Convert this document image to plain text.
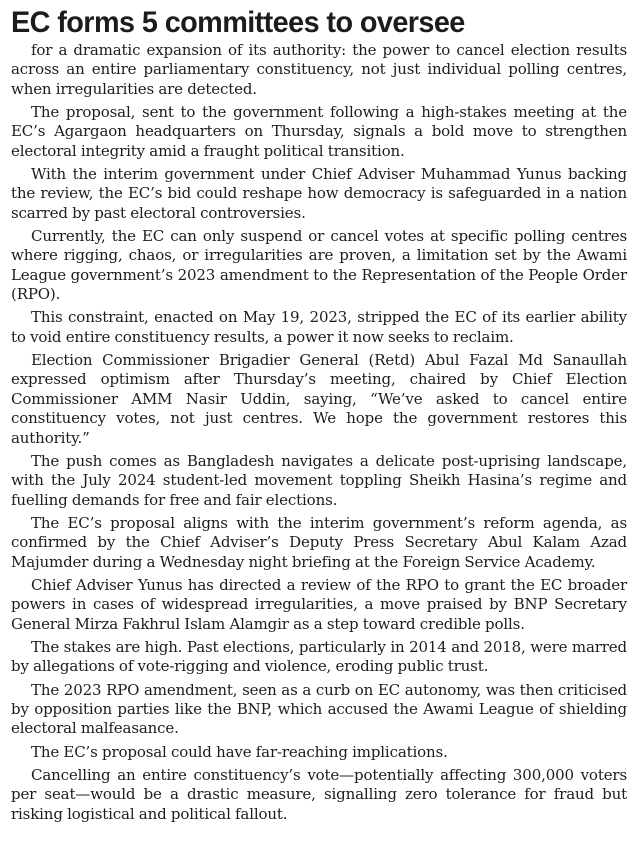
EC forms 5 committees to oversee

for a dramatic expansion of its authority: the power to cancel election results across an entire parliamentary constituency, not just individual polling centres, when irregularities are detected.

The proposal, sent to the government following a high-stakes meeting at the EC’s Agargaon headquarters on Thursday, signals a bold move to strengthen electoral integrity amid a fraught political transition.

With the interim government under Chief Adviser Muhammad Yunus backing the review, the EC’s bid could reshape how democracy is safeguarded in a nation scarred by past electoral controversies.

Currently, the EC can only suspend or cancel votes at specific polling centres where rigging, chaos, or irregularities are proven, a limitation set by the Awami League government’s 2023 amendment to the Representation of the People Order (RPO).

This constraint, enacted on May 19, 2023, stripped the EC of its earlier ability to void entire constituency results, a power it now seeks to reclaim.

Election Commissioner Brigadier General (Retd) Abul Fazal Md Sanaullah expressed optimism after Thursday’s meeting, chaired by Chief Election Commissioner AMM Nasir Uddin, saying, “We’ve asked to cancel entire constituency votes, not just centres. We hope the government restores this authority.”

The push comes as Bangladesh navigates a delicate post-uprising landscape, with the July 2024 student-led movement toppling Sheikh Hasina’s regime and fuelling demands for free and fair elections.

The EC’s proposal aligns with the interim government’s reform agenda, as confirmed by the Chief Adviser’s Deputy Press Secretary Abul Kalam Azad Majumder during a Wednesday night briefing at the Foreign Service Academy.

Chief Adviser Yunus has directed a review of the RPO to grant the EC broader powers in cases of widespread irregularities, a move praised by BNP Secretary General Mirza Fakhrul Islam Alamgir as a step toward credible polls.

The stakes are high. Past elections, particularly in 2014 and 2018, were marred by allegations of vote-rigging and violence, eroding public trust.

The 2023 RPO amendment, seen as a curb on EC autonomy, was then criticised by opposition parties like the BNP, which accused the Awami League of shielding electoral malfeasance.

The EC’s proposal could have far-reaching implications.

Cancelling an entire constituency’s vote—potentially affecting 300,000 voters per seat—would be a drastic measure, signalling zero tolerance for fraud but risking logistical and political fallout.
